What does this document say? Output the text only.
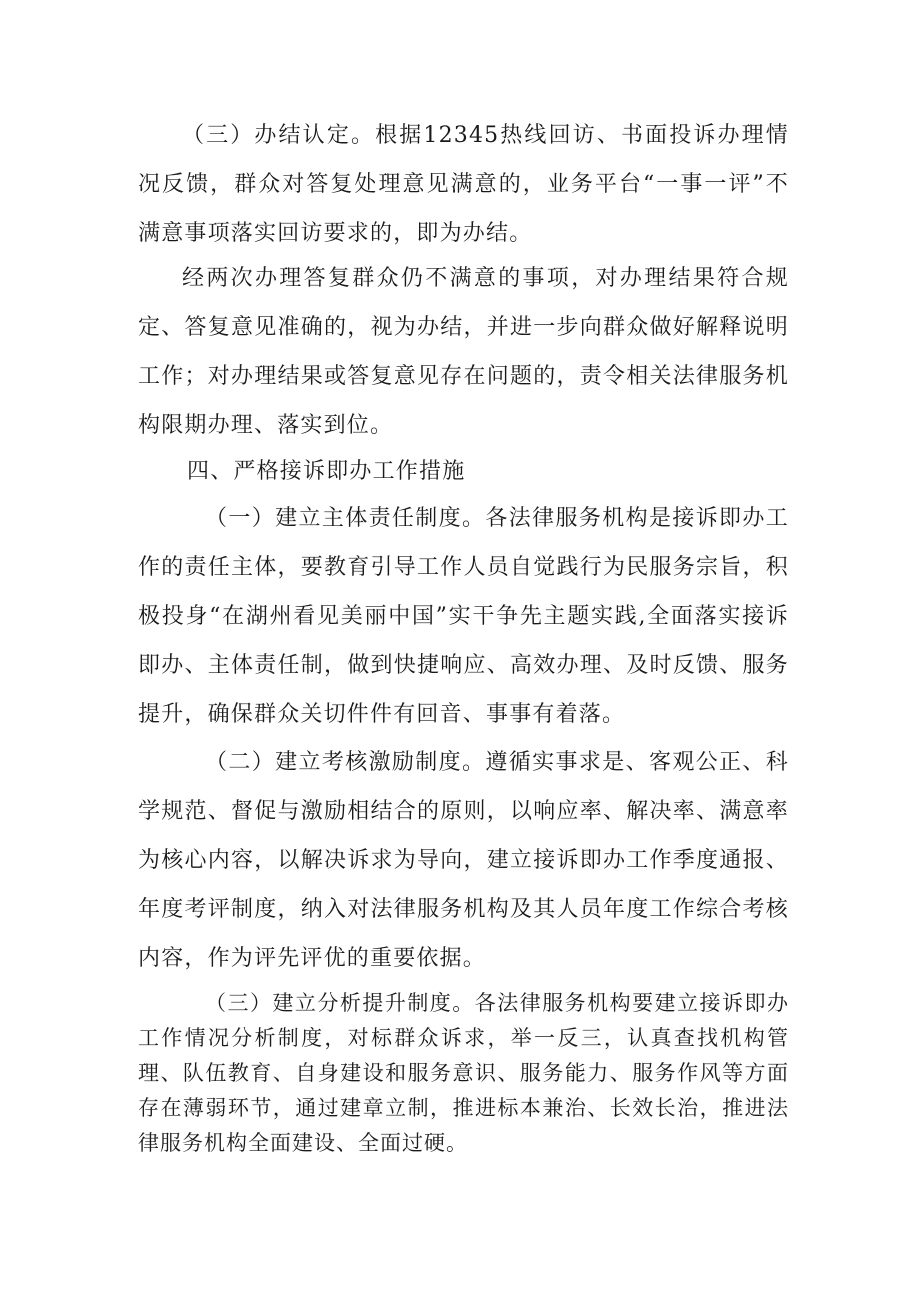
（三）办结认定。根据12345热线回访、书面投诉办理情况反馈，群众对答复处理意见满意的，业务平台“一事一评”不满意事项落实回访要求的，即为办结。

经两次办理答复群众仍不满意的事项，对办理结果符合规定、答复意见准确的，视为办结，并进一步向群众做好解释说明工作；对办理结果或答复意见存在问题的，责令相关法律服务机构限期办理、落实到位。

四、严格接诉即办工作措施

（一）建立主体责任制度。各法律服务机构是接诉即办工作的责任主体，要教育引导工作人员自觉践行为民服务宗旨，积极投身“在湖州看见美丽中国”实干争先主题实践,全面落实接诉即办、主体责任制，做到快捷响应、高效办理、及时反馈、服务提升，确保群众关切件件有回音、事事有着落。

（二）建立考核激励制度。遵循实事求是、客观公正、科学规范、督促与激励相结合的原则，以响应率、解决率、满意率为核心内容，以解决诉求为导向，建立接诉即办工作季度通报、年度考评制度，纳入对法律服务机构及其人员年度工作综合考核内容，作为评先评优的重要依据。

（三）建立分析提升制度。各法律服务机构要建立接诉即办工作情况分析制度，对标群众诉求，举一反三，认真查找机构管理、队伍教育、自身建设和服务意识、服务能力、服务作风等方面存在薄弱环节，通过建章立制，推进标本兼治、长效长治，推进法律服务机构全面建设、全面过硬。
